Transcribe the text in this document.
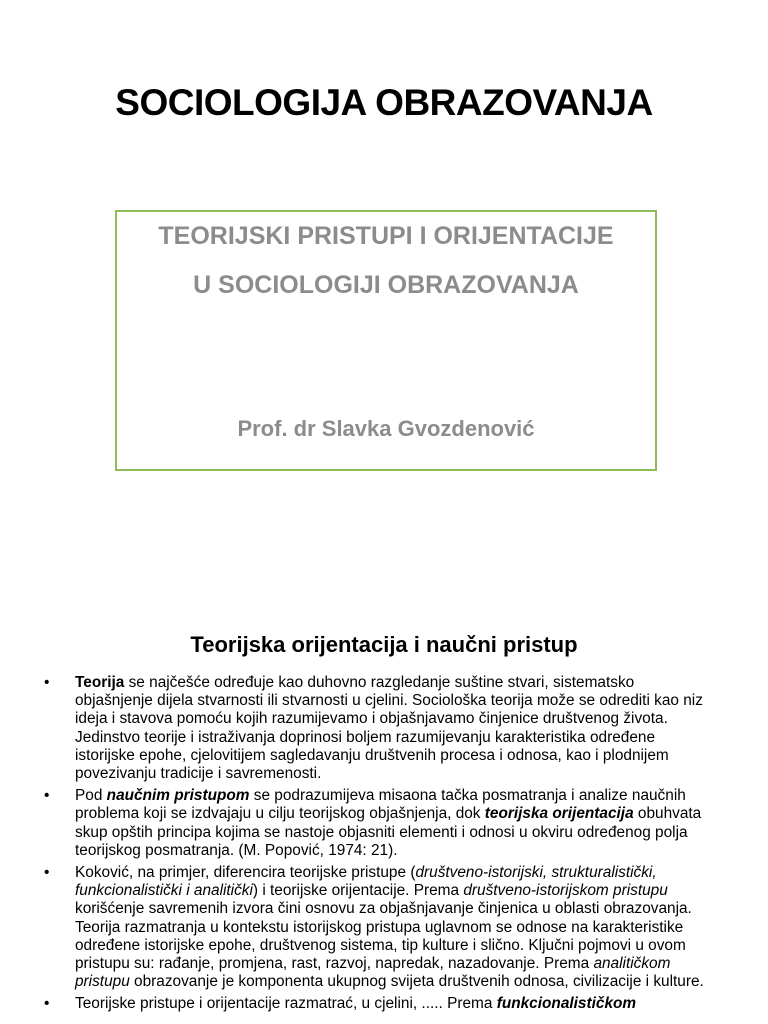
SOCIOLOGIJA OBRAZOVANJA

TEORIJSKI PRISTUPI I ORIJENTACIJE

U SOCIOLOGIJI OBRAZOVANJA

Prof. dr Slavka Gvozdenović

Teorijska orijentacija i naučni pristup
• Teorija se najčešće određuje kao duhovno razgledanje suštine stvari, sistematsko objašnjenje dijela stvarnosti ili stvarnosti u cjelini. Sociološka teorija može se odrediti kao niz ideja i stavova pomoću kojih razumijevamo i objašnjavamo činjenice društvenog života. Jedinstvo teorije i istraživanja doprinosi boljem razumijevanju karakteristika određene istorijske epohe, cjelovitijem sagledavanju društvenih procesa i odnosa, kao i plodnijem povezivanju tradicije i savremenosti.
• Pod naučnim pristupom se podrazumijeva misaona tačka posmatranja i analize naučnih problema koji se izdvajaju u cilju teorijskog objašnjenja, dok teorijska orijentacija obuhvata skup opštih principa kojima se nastoje objasniti elementi i odnosi u okviru određenog polja teorijskog posmatranja. (M. Popović, 1974: 21).
• Koković, na primjer, diferencira teorijske pristupe (društveno-istorijski, strukturalistički, funkcionalistički i analitički) i teorijske orijentacije. Prema društveno-istorijskom pristupu korišćenje savremenih izvora čini osnovu za objašnjavanje činjenica u oblasti obrazovanja. Teorija razmatranja u kontekstu istorijskog pristupa uglavnom se odnose na karakteristike određene istorijske epohe, društvenog sistema, tip kulture i slično. Ključni pojmovi u ovom pristupu su: rađanje, promjena, rast, razvoj, napredak, nazadovanje. Prema analitičkom pristupu obrazovanje je komponenta ukupnog svijeta društvenih odnosa, civilizacije i kulture.
• Teorijske pristupe i orijentacije razmatrać, u cjelini, ..... Prema funkcionalističkom
